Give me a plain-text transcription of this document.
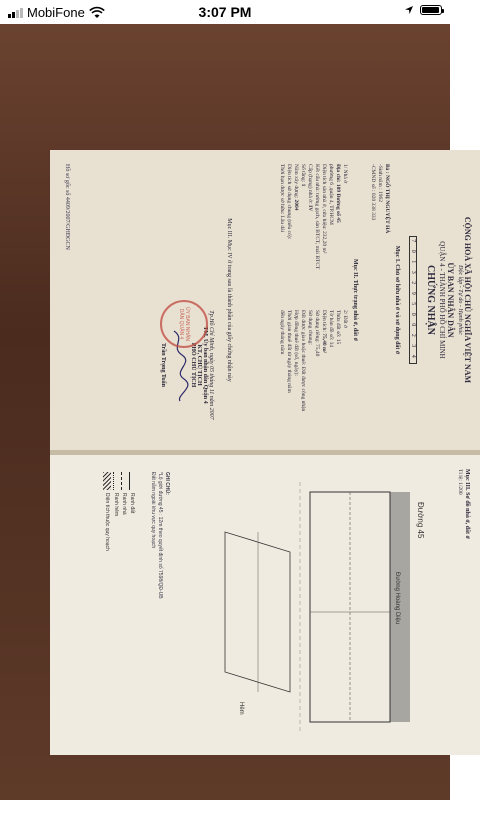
MobiFone	3:07 PM
CỘNG HOÀ XÃ HỘI CHỦ NGHĨA VIỆT NAM
Độc lập - Tự do - Hạnh phúc
ỦY BAN NHÂN DÂN
QUẬN 4 - THÀNH PHỐ HỒ CHÍ MINH
CHỨNG NHẬN
7 0 1 3 2 9 5 0 0 2 3 4
Mục I. Chủ sở hữu nhà ở và sử dụng đất ở
Bà : NGÔ THỊ NGUYỆT HÀ
-Sinh năm : 1962
-CMND số : 020 338 333
Mục II. Thực trạng nhà ở, đất ở
1/ Nhà ở
Địa chỉ: 109 Đường số 45
phường 6 ,quận 4, TP.HCM
Diện tích sàn nhà ở, cửa hiệu: 232,20 m²
Kết cấu nhà: tường gạch, sàn BTCT, mái BTCT
Cấp (hạng) nhà ở: IV
Số tầng: 1
Năm xây dựng: 2004
Diện tích sử dụng chung (nếu có):
Thời hạn được sở hữu: Lâu dài
2/ Đất ở
Thửa đất số: 15
Tờ bản đồ số: 14
Diện tích: 75,40 m²
Sử dụng riêng: 75,40
Sử dụng chung:
Đất được giao hoặc thuê: Đất được công nhận
Hợp đồng thuê đất (số, ngày):
Thời gian thuê đất từ ngày tháng năm
đến ngày tháng năm
Mục III. Mục IV ở trang sau là thành phần của giấy chứng nhận này
Tp.Hồ Chí Minh, ngày 05 tháng 11 năm 2007
TM. Ủy ban nhân dân Quận 4
KT. CHỦ TỊCH
PHÓ CHỦ TỊCH
Trần Trọng Tuấn
ỦY BAN NHÂN DÂN QUẬN 4
Hồ sơ gốc số 4409/2007/GHĐGCN
Mục III. Sơ đồ nhà ở, đất ở
Tỉ lệ: 1/200
Đường 45
Đường Hoàng Diệu
Hẻm
GHI CHÚ:
*Lộ giới đường 45 : 12m theo quyết định số 7598/QĐ-UB
Đất nằm ngoài khu vực quy hoạch
Ranh đất
Ranh nhà
Ranh hẻm
Diện tích thuộc quy hoạch
